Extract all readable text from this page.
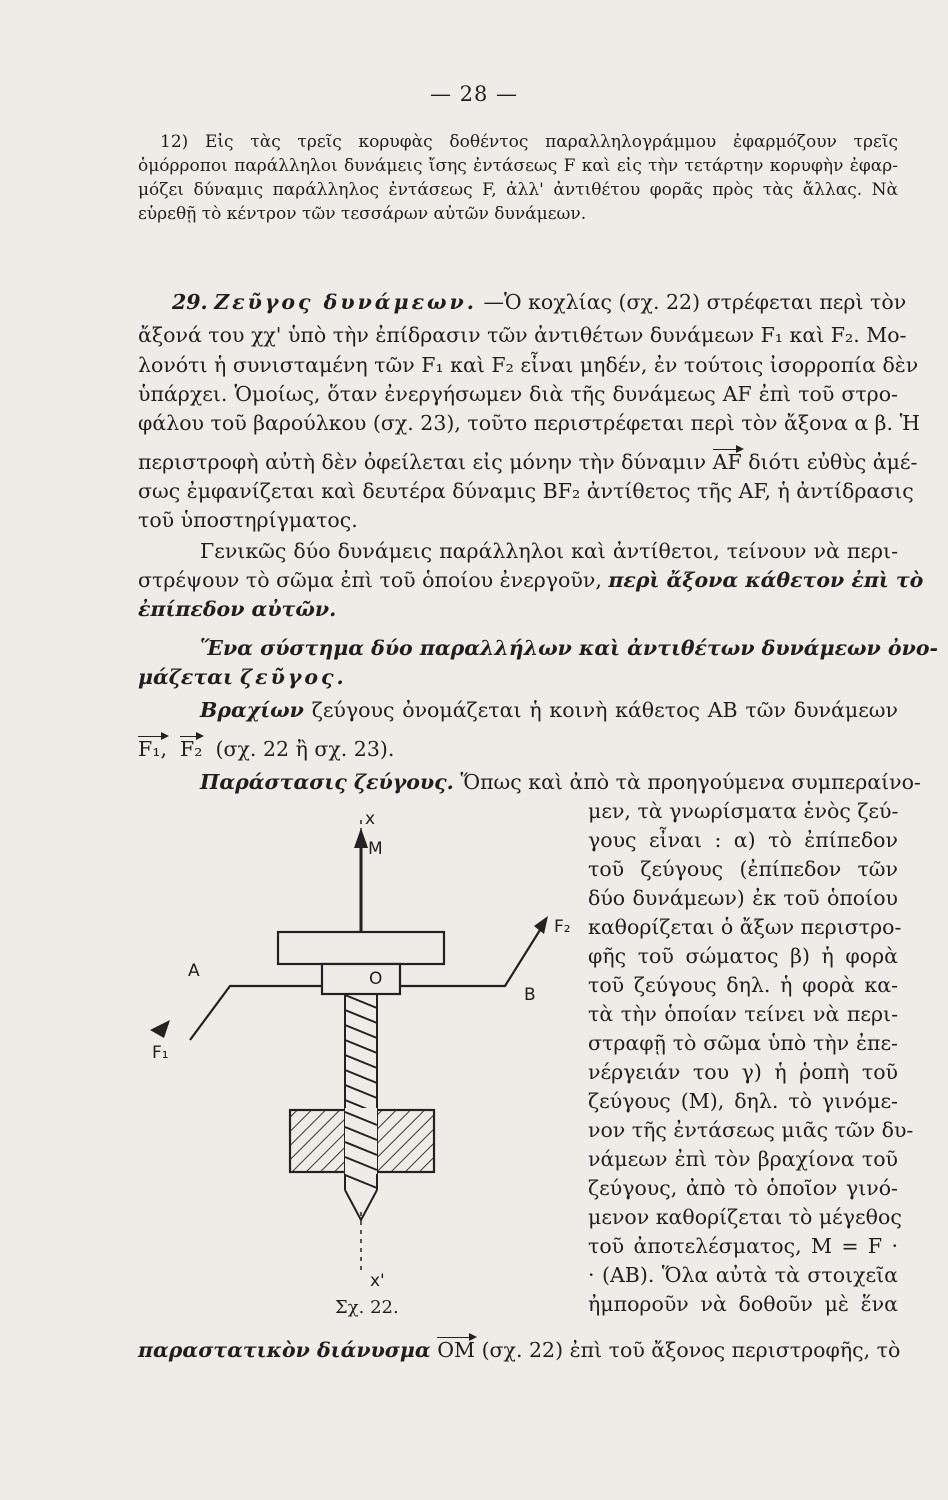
— 28 —
12) Εἰς τὰς τρεῖς κορυφὰς δοθέντος παραλληλογράμμου ἐφαρμόζουν τρεῖς
ὁμόρροποι παράλληλοι δυνάμεις ἴσης ἐντάσεως F καὶ εἰς τὴν τετάρτην κορυφὴν ἐφαρ-
μόζει δύναμις παράλληλος ἐντάσεως F, ἀλλ' ἀντιθέτου φορᾶς πρὸς τὰς ἄλλας. Νὰ
εὑρεθῇ τὸ κέντρον τῶν τεσσάρων αὐτῶν δυνάμεων.
29. Ζεῦγος δυνάμεων. —Ὁ κοχλίας (σχ. 22) στρέφεται περὶ τὸν
ἄξονά του χχ' ὑπὸ τὴν ἐπίδρασιν τῶν ἀντιθέτων δυνάμεων F₁ καὶ F₂. Μο-
λονότι ἡ συνισταμένη τῶν F₁ καὶ F₂ εἶναι μηδέν, ἐν τούτοις ἰσορροπία δὲν
ὑπάρχει. Ὁμοίως, ὅταν ἐνεργήσωμεν διὰ τῆς δυνάμεως AF ἐπὶ τοῦ στρο-
φάλου τοῦ βαρούλκου (σχ. 23), τοῦτο περιστρέφεται περὶ τὸν ἄξονα α β. Ἡ
περιστροφὴ αὐτὴ δὲν ὀφείλεται εἰς μόνην τὴν δύναμιν AF διότι εὐθὺς ἀμέ-
σως ἐμφανίζεται καὶ δευτέρα δύναμις BF₂ ἀντίθετος τῆς AF, ἡ ἀντίδρασις
τοῦ ὑποστηρίγματος.
Γενικῶς δύο δυνάμεις παράλληλοι καὶ ἀντίθετοι, τείνουν νὰ περι-
στρέψουν τὸ σῶμα ἐπὶ τοῦ ὁποίου ἐνεργοῦν, περὶ ἄξονα κάθετον ἐπὶ τὸ
ἐπίπεδον αὐτῶν.
Ἕνα σύστημα δύο παραλλήλων καὶ ἀντιθέτων δυνάμεων ὀνο-
μάζεται ζεῦγος.
Βραχίων ζεύγους ὀνομάζεται ἡ κοινὴ κάθετος AB τῶν δυνάμεων
F₁, F₂ (σχ. 22 ἢ σχ. 23).
Παράστασις ζεύγους. Ὅπως καὶ ἀπὸ τὰ προηγούμενα συμπεραίνο-
μεν, τὰ γνωρίσματα ἑνὸς ζεύ-
γους εἶναι : α) τὸ ἐπίπεδον
τοῦ ζεύγους (ἐπίπεδον τῶν
δύο δυνάμεων) ἐκ τοῦ ὁποίου
καθορίζεται ὁ ἄξων περιστρο-
φῆς τοῦ σώματος β) ἡ φορὰ
τοῦ ζεύγους δηλ. ἡ φορὰ κα-
τὰ τὴν ὁποίαν τείνει νὰ περι-
στραφῇ τὸ σῶμα ὑπὸ τὴν ἐπε-
νέργειάν του γ) ἡ ῥοπὴ τοῦ
ζεύγους (M), δηλ. τὸ γινόμε-
νον τῆς ἐντάσεως μιᾶς τῶν δυ-
νάμεων ἐπὶ τὸν βραχίονα τοῦ
ζεύγους, ἀπὸ τὸ ὁποῖον γινό-
μενον καθορίζεται τὸ μέγεθος
τοῦ ἀποτελέσματος, M = F ·
· (AB). Ὅλα αὐτὰ τὰ στοιχεῖα
ἠμποροῦν νὰ δοθοῦν μὲ ἕνα
παραστατικὸν διάνυσμα OM (σχ. 22) ἐπὶ τοῦ ἄξονος περιστροφῆς, τὸ
x
M
F₂
A	O
B
F₁
x'
Σχ. 22.
